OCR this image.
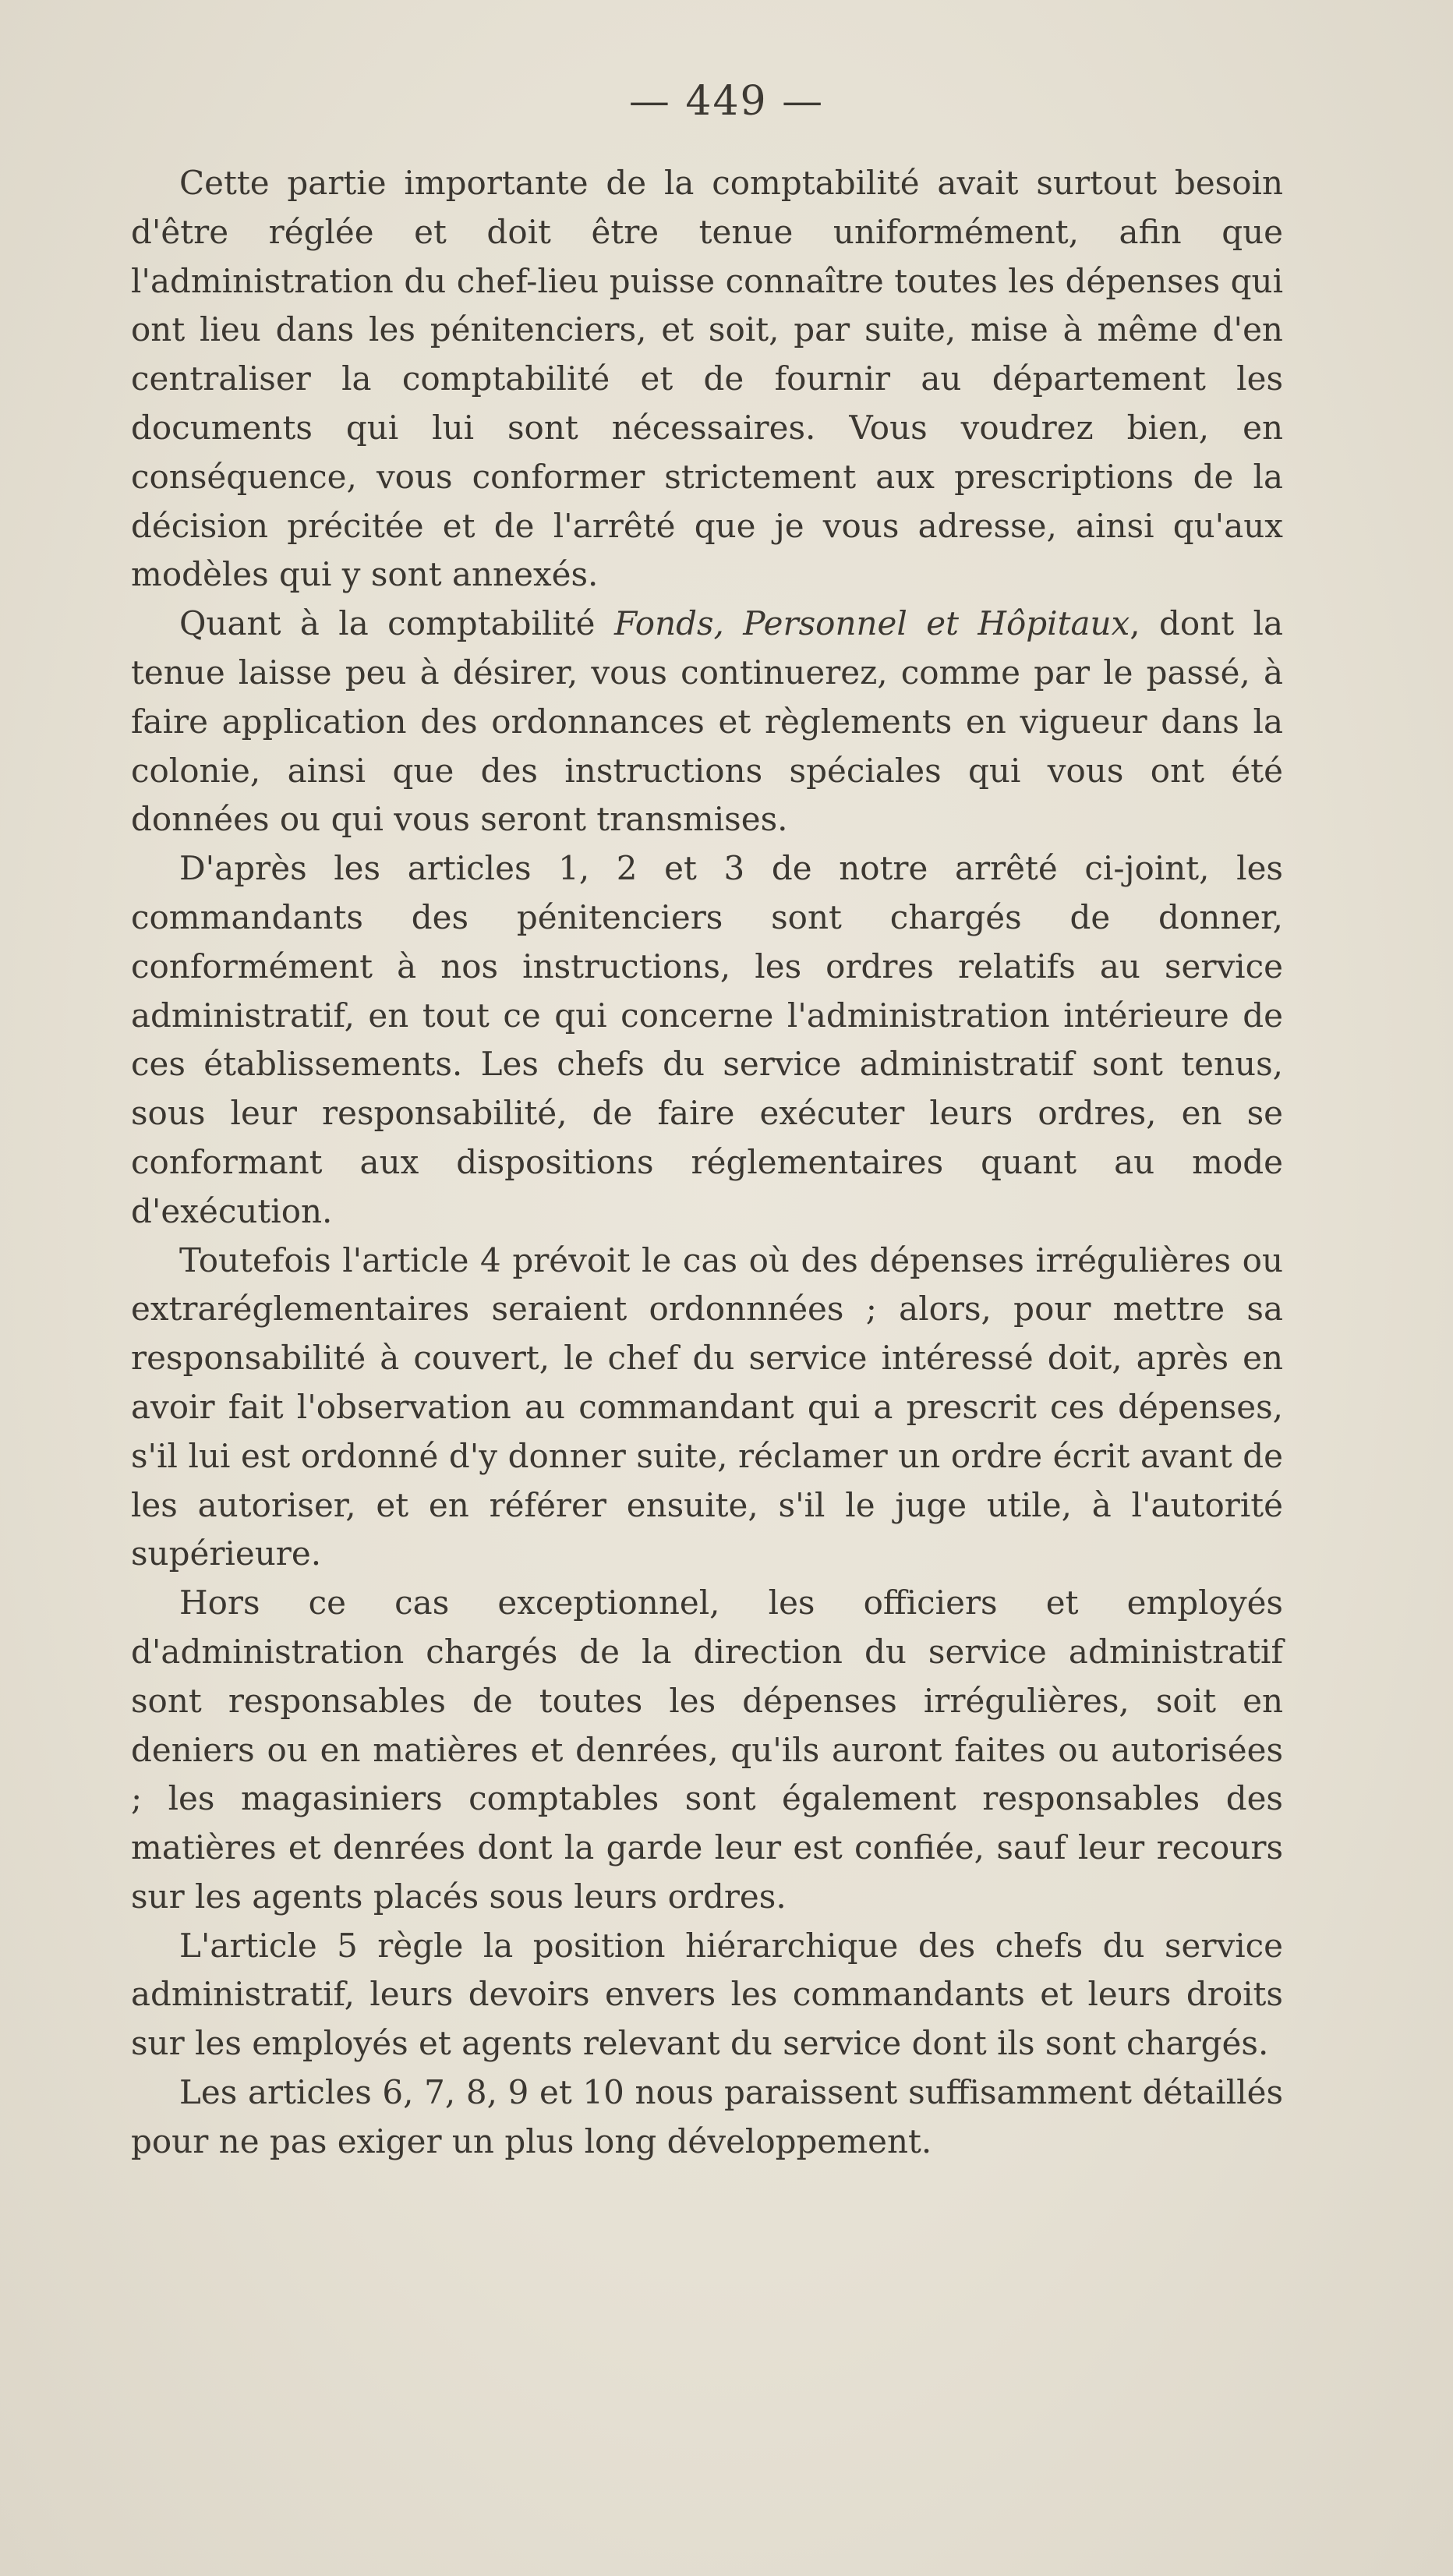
— 449 —

Cette partie importante de la comptabilité avait surtout besoin d'être réglée et doit être tenue uniformément, afin que l'administration du chef-lieu puisse connaître toutes les dépenses qui ont lieu dans les pénitenciers, et soit, par suite, mise à même d'en centraliser la comptabilité et de fournir au département les documents qui lui sont nécessaires. Vous voudrez bien, en conséquence, vous conformer strictement aux prescriptions de la décision précitée et de l'arrêté que je vous adresse, ainsi qu'aux modèles qui y sont annexés.

Quant à la comptabilité Fonds, Personnel et Hôpitaux, dont la tenue laisse peu à désirer, vous continuerez, comme par le passé, à faire application des ordonnances et règlements en vigueur dans la colonie, ainsi que des instructions spéciales qui vous ont été données ou qui vous seront transmises.

D'après les articles 1, 2 et 3 de notre arrêté ci-joint, les commandants des pénitenciers sont chargés de donner, conformément à nos instructions, les ordres relatifs au service administratif, en tout ce qui concerne l'administration intérieure de ces établissements. Les chefs du service administratif sont tenus, sous leur responsabilité, de faire exécuter leurs ordres, en se conformant aux dispositions réglementaires quant au mode d'exécution.

Toutefois l'article 4 prévoit le cas où des dépenses irrégulières ou extraréglementaires seraient ordonnnées ; alors, pour mettre sa responsabilité à couvert, le chef du service intéressé doit, après en avoir fait l'observation au commandant qui a prescrit ces dépenses, s'il lui est ordonné d'y donner suite, réclamer un ordre écrit avant de les autoriser, et en référer ensuite, s'il le juge utile, à l'autorité supérieure.

Hors ce cas exceptionnel, les officiers et employés d'administration chargés de la direction du service administratif sont responsables de toutes les dépenses irrégulières, soit en deniers ou en matières et denrées, qu'ils auront faites ou autorisées ; les magasiniers comptables sont également responsables des matières et denrées dont la garde leur est confiée, sauf leur recours sur les agents placés sous leurs ordres.

L'article 5 règle la position hiérarchique des chefs du service administratif, leurs devoirs envers les commandants et leurs droits sur les employés et agents relevant du service dont ils sont chargés.

Les articles 6, 7, 8, 9 et 10 nous paraissent suffisamment détaillés pour ne pas exiger un plus long développement.
